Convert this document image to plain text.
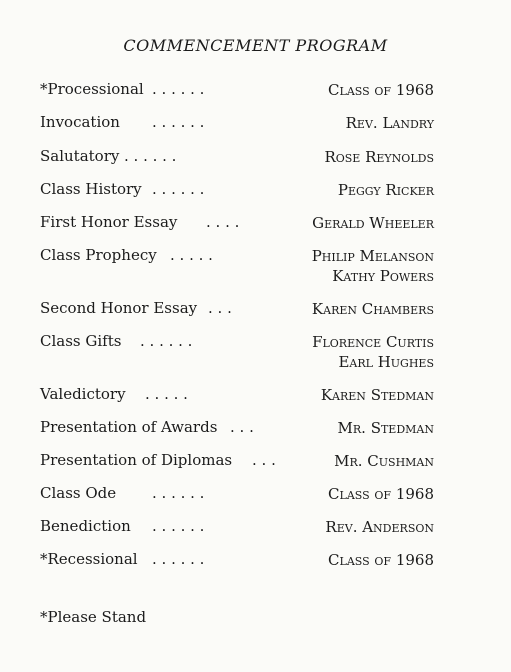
COMMENCEMENT PROGRAM
*Processional . . . . . .	Class of 1968
Invocation . . . . . .	Rev. Landry
Salutatory . . . . . .	Rose Reynolds
Class History . . . . . .	Peggy Ricker
First Honor Essay . . . .	Gerald Wheeler
Class Prophecy . . . . .	Philip Melanson
Kathy Powers
Second Honor Essay . . .	Karen Chambers
Class Gifts . . . . . .	Florence Curtis
Earl Hughes
Valedictory . . . . .	Karen Stedman
Presentation of Awards . . .	Mr. Stedman
Presentation of Diplomas . . .	Mr. Cushman
Class Ode . . . . . .	Class of 1968
Benediction . . . . . .	Rev. Anderson
*Recessional . . . . . .	Class of 1968
*Please Stand
